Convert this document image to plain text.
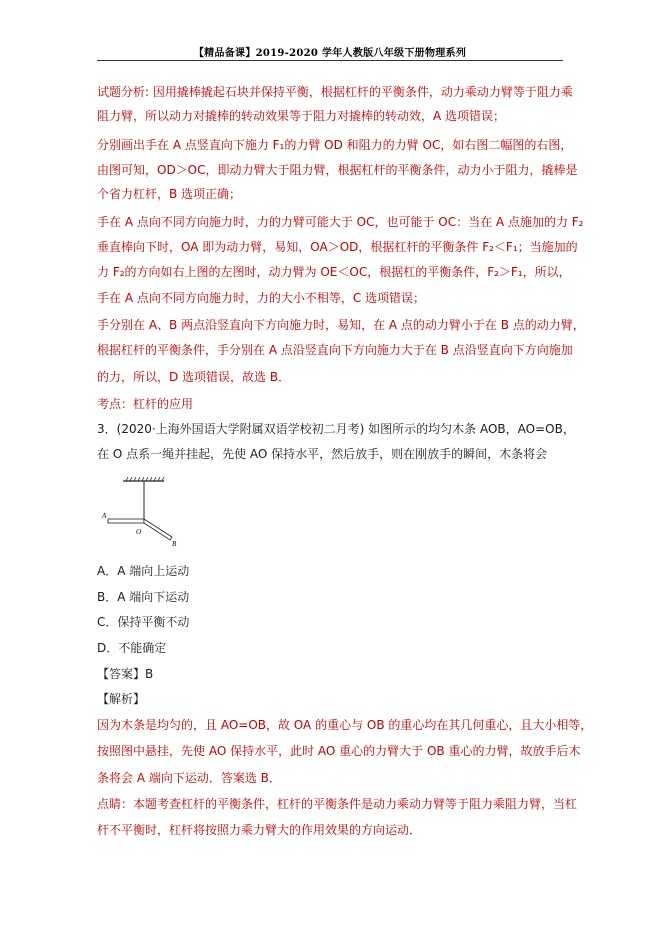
【精品备课】2019-2020 学年人教版八年级下册物理系列
试题分析: 因用撬棒撬起石块并保持平衡，根据杠杆的平衡条件，动力乘动力臂等于阻力乘
阻力臂，所以动力对撬棒的转动效果等于阻力对撬棒的转动效，A 选项错误；
分别画出手在 A 点竖直向下施力 F₁的力臂 OD 和阻力的力臂 OC，如右图二幅图的右图，
由图可知，OD＞OC，即动力臂大于阻力臂，根据杠杆的平衡条件，动力小于阻力，撬棒是
个省力杠杆，B 选项正确；
手在 A 点向不同方向施力时，力的力臂可能大于 OC，也可能于 OC：当在 A 点施加的力 F₂
垂直棒向下时，OA 即为动力臂，易知，OA＞OD，根据杠杆的平衡条件 F₂＜F₁；当施加的
力 F₂的方向如右上图的左图时，动力臂为 OE＜OC，根据杠的平衡条件，F₂＞F₁，所以，
手在 A 点向不同方向施力时，力的大小不相等，C 选项错误；
手分别在 A、B 两点沿竖直向下方向施力时，易知，在 A 点的动力臂小于在 B 点的动力臂，
根据杠杆的平衡条件，手分别在 A 点沿竖直向下方向施力大于在 B 点沿竖直向下方向施加
的力，所以，D 选项错误，故选 B．
考点：杠杆的应用
3．(2020·上海外国语大学附属双语学校初二月考) 如图所示的均匀木条 AOB，AO=OB，
在 O 点系一绳并挂起，先使 AO 保持水平，然后放手，则在刚放手的瞬间，木条将会
A
O
B
A．A 端向上运动
B．A 端向下运动
C．保持平衡不动
D．不能确定
【答案】B
【解析】
因为木条是均匀的，且 AO=OB，故 OA 的重心与 OB 的重心均在其几何重心，且大小相等，
按照图中悬挂，先使 AO 保持水平，此时 AO 重心的力臂大于 OB 重心的力臂，故放手后木
条将会 A 端向下运动．答案选 B．
点睛：本题考查杠杆的平衡条件，杠杆的平衡条件是动力乘动力臂等于阻力乘阻力臂，当杠
杆不平衡时，杠杆将按照力乘力臂大的作用效果的方向运动．
